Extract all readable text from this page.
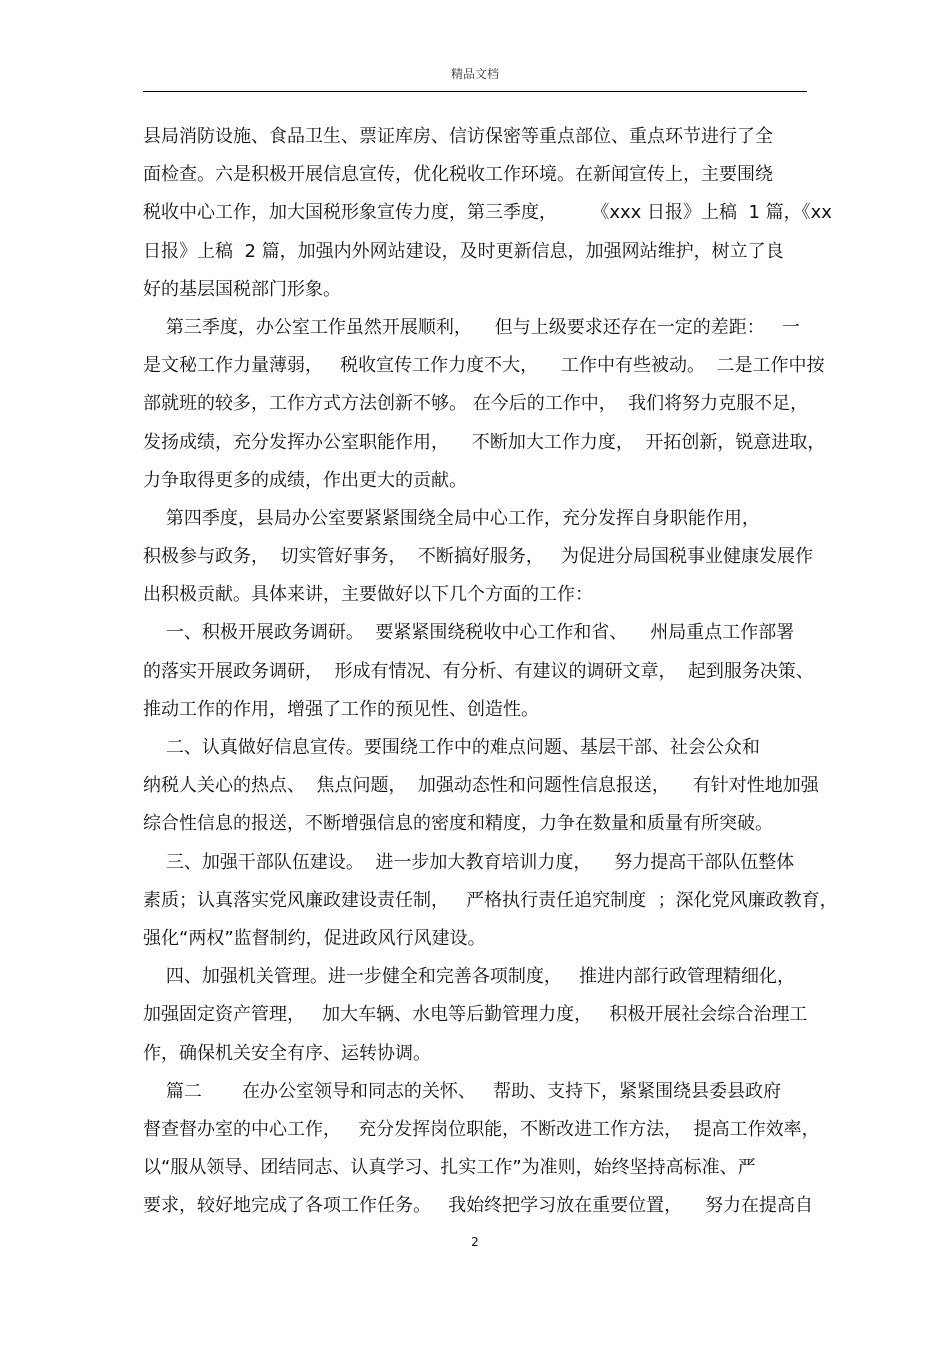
精品文档
县局消防设施、食品卫生、票证库房、信访保密等重点部位、重点环节进行了全
面检查。六是积极开展信息宣传，优化税收工作环境。在新闻宣传上，主要围绕
税收中心工作，加大国税形象宣传力度，第三季度，      《xxx 日报》上稿  1 篇，《xx
日报》上稿  2 篇，加强内外网站建设，及时更新信息，加强网站维护，树立了良
好的基层国税部门形象。
第三季度，办公室工作虽然开展顺利，    但与上级要求还存在一定的差距：   一
是文秘工作力量薄弱，   税收宣传工作力度不大，    工作中有些被动。  二是工作中按
部就班的较多，工作方式方法创新不够。 在今后的工作中，  我们将努力克服不足，
发扬成绩，充分发挥办公室职能作用，    不断加大工作力度，  开拓创新，锐意进取，
力争取得更多的成绩，作出更大的贡献。
第四季度，县局办公室要紧紧围绕全局中心工作，充分发挥自身职能作用，
积极参与政务，  切实管好事务，  不断搞好服务，   为促进分局国税事业健康发展作
出积极贡献。具体来讲，主要做好以下几个方面的工作：
一、积极开展政务调研。  要紧紧围绕税收中心工作和省、    州局重点工作部署
的落实开展政务调研，  形成有情况、有分析、有建议的调研文章，  起到服务决策、
推动工作的作用，增强了工作的预见性、创造性。
二、认真做好信息宣传。要围绕工作中的难点问题、基层干部、社会公众和
纳税人关心的热点、  焦点问题，  加强动态性和问题性信息报送，    有针对性地加强
综合性信息的报送，不断增强信息的密度和精度，力争在数量和质量有所突破。
三、加强干部队伍建设。  进一步加大教育培训力度，    努力提高干部队伍整体
素质；认真落实党风廉政建设责任制，   严格执行责任追究制度  ；深化党风廉政教育，
强化“两权”监督制约，促进政风行风建设。
四、加强机关管理。进一步健全和完善各项制度，   推进内部行政管理精细化，
加强固定资产管理，   加大车辆、水电等后勤管理力度，   积极开展社会综合治理工
作，确保机关安全有序、运转协调。
篇二       在办公室领导和同志的关怀、   帮助、支持下，紧紧围绕县委县政府
督查督办室的中心工作，   充分发挥岗位职能，不断改进工作方法，  提高工作效率，
以“服从领导、团结同志、认真学习、扎实工作”为准则，始终坚持高标准、严
要求，较好地完成了各项工作任务。   我始终把学习放在重要位置，    努力在提高自
2
